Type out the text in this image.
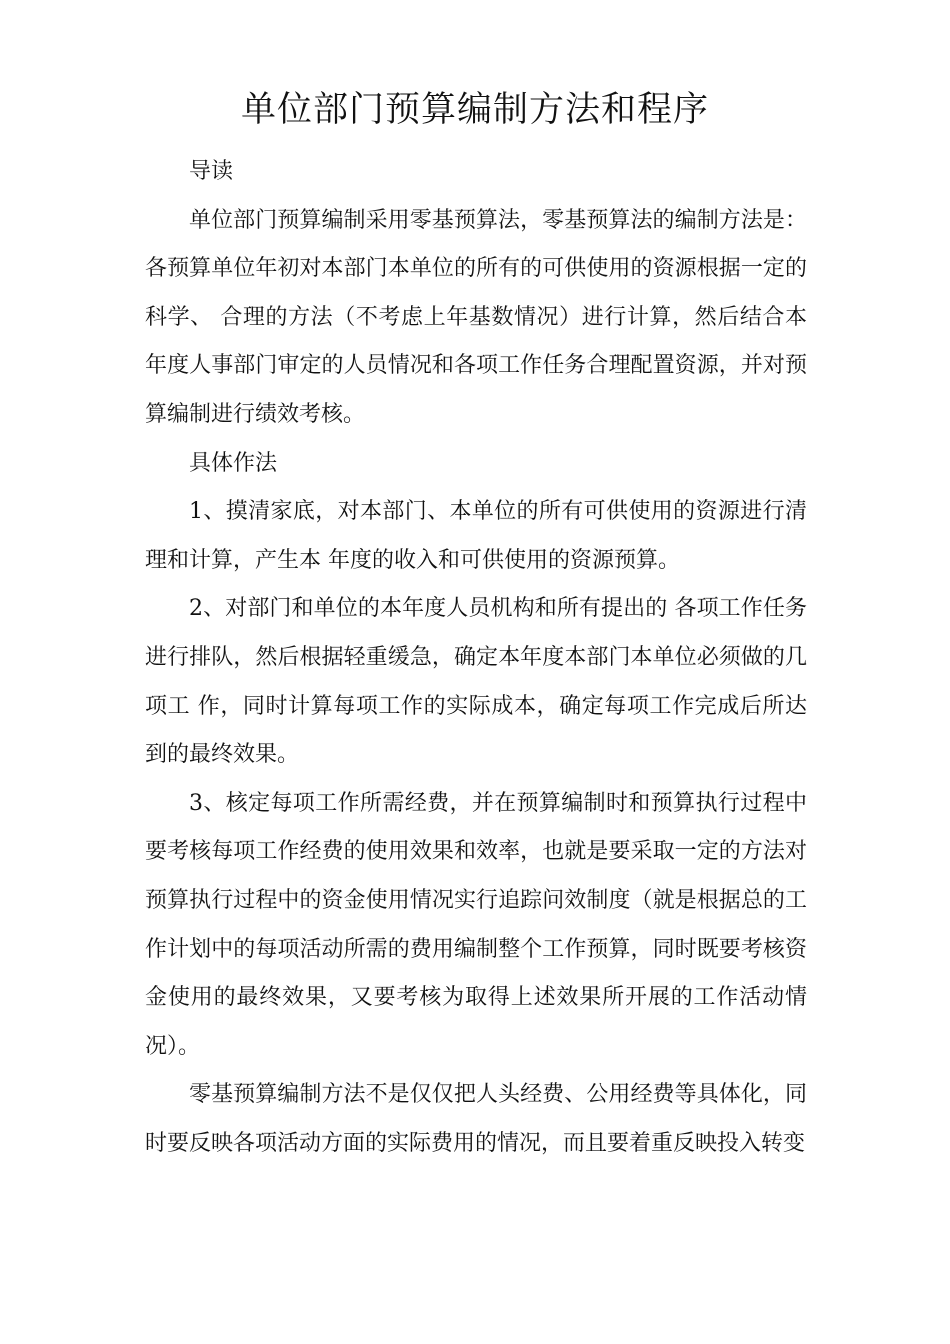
单位部门预算编制方法和程序

导读

单位部门预算编制采用零基预算法，零基预算法的编制方法是：各预算单位年初对本部门本单位的所有的可供使用的资源根据一定的科学、 合理的方法（不考虑上年基数情况）进行计算，然后结合本年度人事部门审定的人员情况和各项工作任务合理配置资源，并对预算编制进行绩效考核。

具体作法

1、摸清家底，对本部门、本单位的所有可供使用的资源进行清理和计算，产生本 年度的收入和可供使用的资源预算。

2、对部门和单位的本年度人员机构和所有提出的 各项工作任务进行排队，然后根据轻重缓急，确定本年度本部门本单位必须做的几项工 作，同时计算每项工作的实际成本，确定每项工作完成后所达到的最终效果。

3、核定每项工作所需经费，并在预算编制时和预算执行过程中要考核每项工作经费的使用效果和效率，也就是要采取一定的方法对预算执行过程中的资金使用情况实行追踪问效制度（就是根据总的工作计划中的每项活动所需的费用编制整个工作预算，同时既要考核资金使用的最终效果，又要考核为取得上述效果所开展的工作活动情况）。

零基预算编制方法不是仅仅把人头经费、公用经费等具体化，同时要反映各项活动方面的实际费用的情况，而且要着重反映投入转变
